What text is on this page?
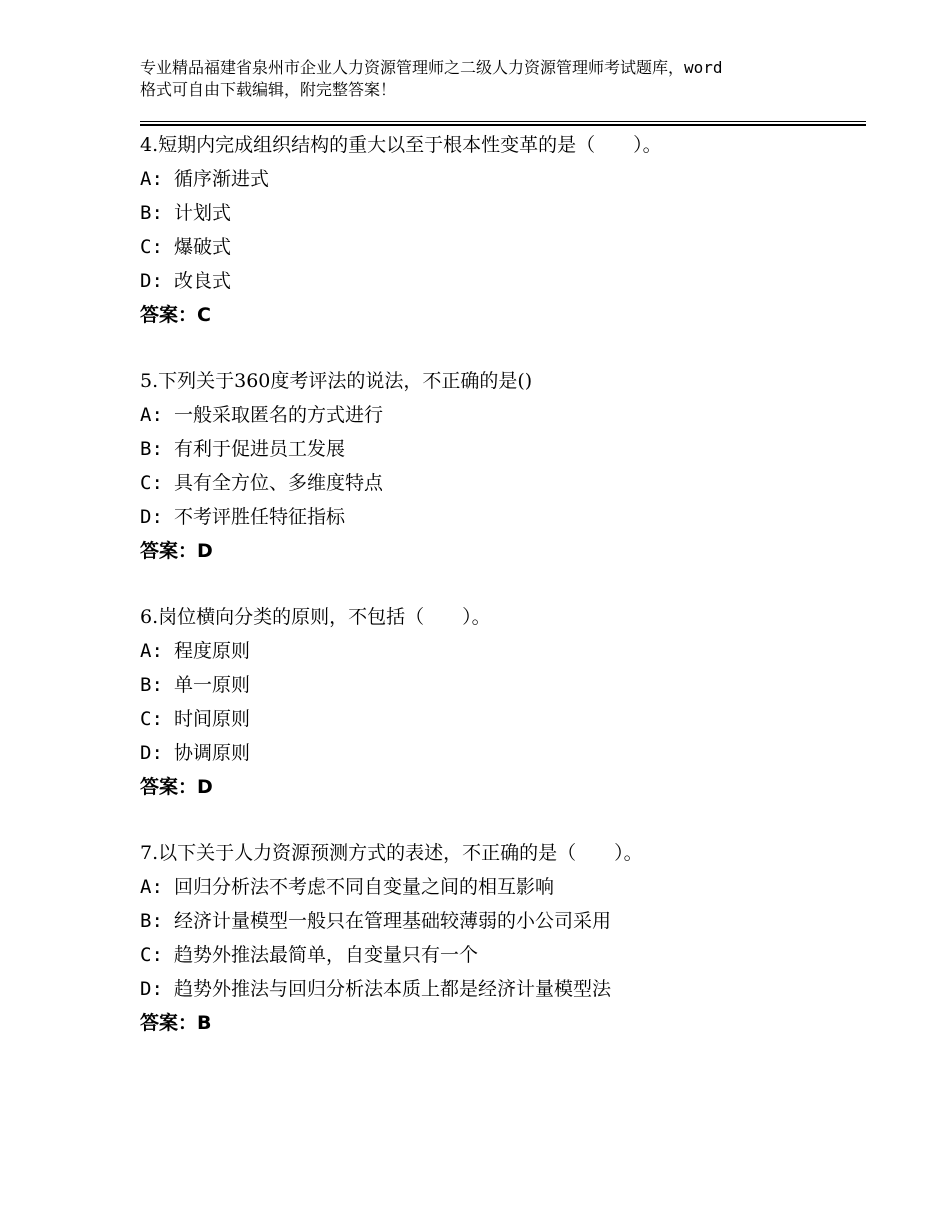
专业精品福建省泉州市企业人力资源管理师之二级人力资源管理师考试题库，word
格式可自由下载编辑，附完整答案！
4.短期内完成组织结构的重大以至于根本性变革的是（　　）。
A: 循序渐进式
B: 计划式
C: 爆破式
D: 改良式
答案：C
5.下列关于360度考评法的说法，不正确的是()
A: 一般采取匿名的方式进行
B: 有利于促进员工发展
C: 具有全方位、多维度特点
D: 不考评胜任特征指标
答案：D
6.岗位横向分类的原则，不包括（　　）。
A: 程度原则
B: 单一原则
C: 时间原则
D: 协调原则
答案：D
7.以下关于人力资源预测方式的表述，不正确的是（　　）。
A: 回归分析法不考虑不同自变量之间的相互影响
B: 经济计量模型一般只在管理基础较薄弱的小公司采用
C: 趋势外推法最简单，自变量只有一个
D: 趋势外推法与回归分析法本质上都是经济计量模型法
答案：B
